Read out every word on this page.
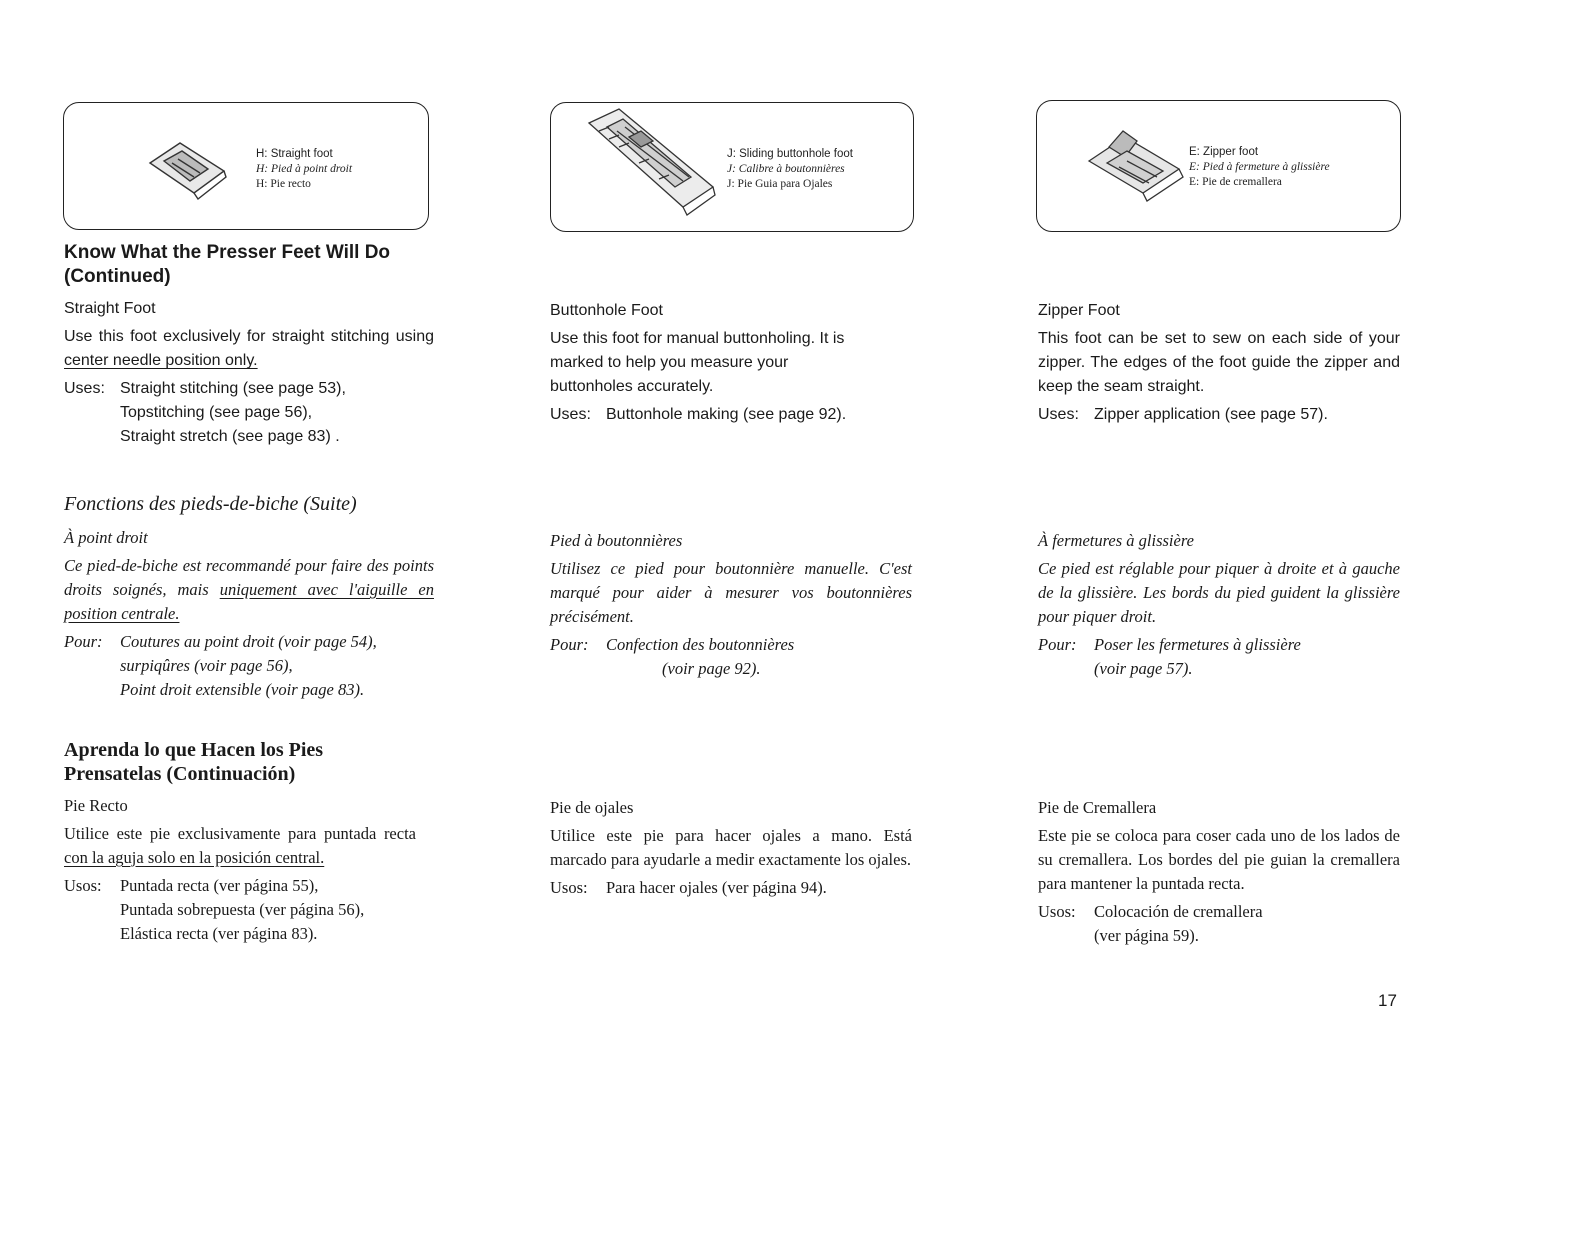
H: Straight foot
H: Pied à point droit
H: Pie recto
J: Sliding buttonhole foot
J: Calibre à boutonnières
J: Pie Guia para Ojales
E: Zipper foot
E: Pied à fermeture à glissière
E: Pie de cremallera
Know What the Presser Feet Will Do
(Continued)
Straight Foot

Use this foot exclusively for straight stitching using center needle position only.

Uses: Straight stitching (see page 53),
Topstitching (see page 56),
Straight stretch (see page 83) .
Buttonhole Foot

Use this foot for manual buttonholing. It is marked to help you measure your buttonholes accurately.

Uses: Buttonhole making (see page 92).
Zipper Foot

This foot can be set to sew on each side of your zipper. The edges of the foot guide the zipper and keep the seam straight.

Uses: Zipper application (see page 57).
Fonctions des pieds-de-biche (Suite)
À point droit

Ce pied-de-biche est recommandé pour faire des points droits soignés, mais uniquement avec l'aiguille en position centrale.

Pour:	Coutures au point droit (voir page 54),
surpiqûres (voir page 56),
Point droit extensible (voir page 83).
Pied à boutonnières

Utilisez ce pied pour boutonnière manuelle. C'est marqué pour aider à mesurer vos boutonnières précisément.

Pour:	Confection des boutonnières
(voir page 92).
À fermetures à glissière

Ce pied est réglable pour piquer à droite et à gauche de la glissière. Les bords du pied guident la glissière pour piquer droit.

Pour:	Poser les fermetures à glissière
(voir page 57).
Aprenda lo que Hacen los Pies
Prensatelas (Continuación)
Pie Recto

Utilice este pie exclusivamente para puntada recta con la aguja solo en la posición central.

Usos:	Puntada recta (ver página 55),
Puntada sobrepuesta (ver página 56),
Elástica recta (ver página 83).
Pie de ojales

Utilice este pie para hacer ojales a mano. Está marcado para ayudarle a medir exactamente los ojales.

Usos:	Para hacer ojales (ver página 94).
Pie de Cremallera

Este pie se coloca para coser cada uno de los lados de su cremallera. Los bordes del pie guian la cremallera para mantener la puntada recta.

Usos:	Colocación de cremallera
(ver página 59).
17
